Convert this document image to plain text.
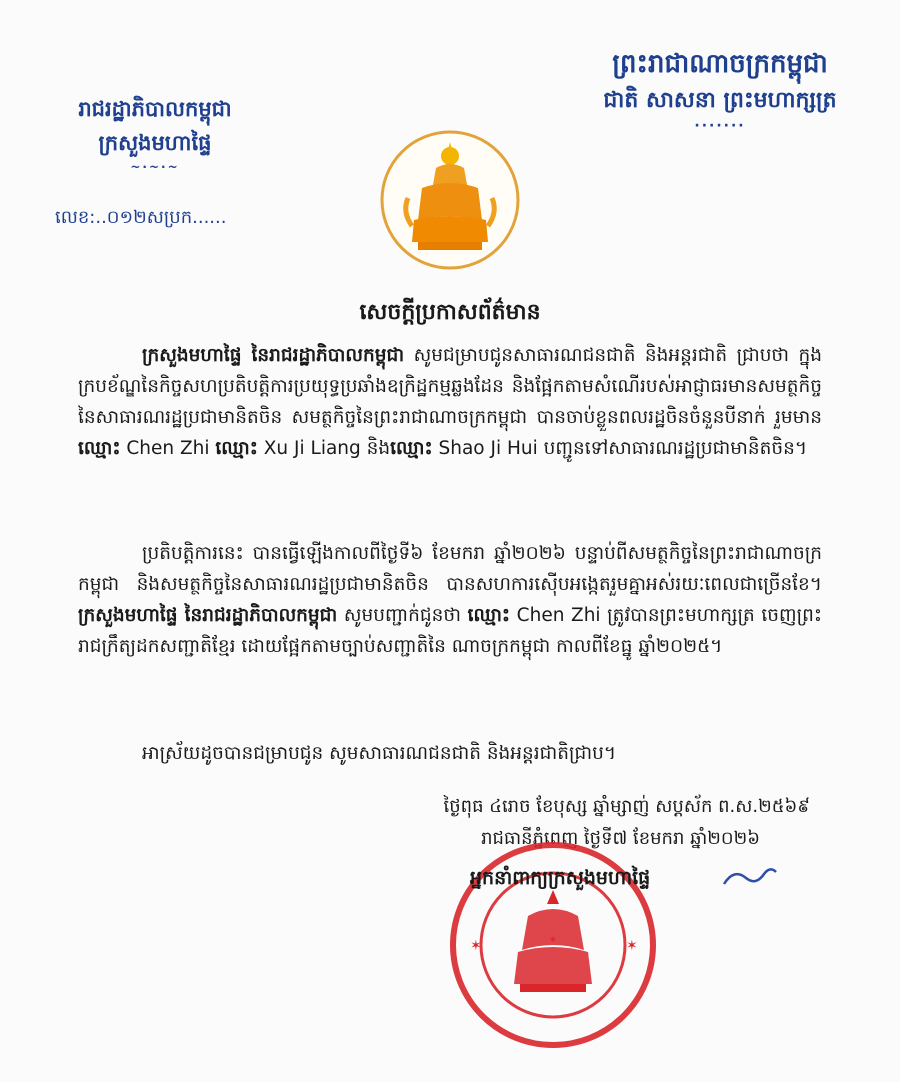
ព្រះរាជាណាចក្រកម្ពុជា
ជាតិ សាសនា ព្រះមហាក្សត្រ
·······
រាជរដ្ឋាភិបាលកម្ពុជា
ក្រសួងមហាផ្ទៃ
~·~·~
លេខ:..០១២សប្រក......
សេចក្ដីប្រកាសព័ត៌មាន
ក្រសួងមហាផ្ទៃ នៃរាជរដ្ឋាភិបាលកម្ពុជា សូមជម្រាបជូនសាធារណជនជាតិ និងអន្តរជាតិ ជ្រាបថា ក្នុងក្របខ័ណ្ឌនៃកិច្ចសហប្រតិបត្តិការប្រយុទ្ធប្រឆាំងឧក្រិដ្ឋកម្មឆ្លងដែន និងផ្អែកតាមសំណើរបស់អាជ្ញាធរមានសមត្ថកិច្ចនៃសាធារណរដ្ឋប្រជាមានិតចិន សមត្ថកិច្ចនៃព្រះរាជាណាចក្រកម្ពុជា បានចាប់ខ្លួនពលរដ្ឋចិនចំនួនបីនាក់ រួមមាន ឈ្មោះ Chen Zhi ឈ្មោះ Xu Ji Liang និងឈ្មោះ Shao Ji Hui បញ្ជូនទៅសាធារណរដ្ឋប្រជាមានិតចិន។
ប្រតិបត្តិការនេះ បានធ្វើឡើងកាលពីថ្ងៃទី៦ ខែមករា ឆ្នាំ២០២៦ បន្ទាប់ពីសមត្ថកិច្ចនៃព្រះរាជាណាចក្រកម្ពុជា និងសមត្ថកិច្ចនៃសាធារណរដ្ឋប្រជាមានិតចិន បានសហការស៊ើបអង្កេតរួមគ្នាអស់រយៈពេលជាច្រើនខែ។ ក្រសួងមហាផ្ទៃ នៃរាជរដ្ឋាភិបាលកម្ពុជា សូមបញ្ជាក់ជូនថា ឈ្មោះ Chen Zhi ត្រូវបានព្រះមហាក្សត្រ ចេញព្រះរាជក្រឹត្យដកសញ្ជាតិខ្មែរ ដោយផ្អែកតាមច្បាប់សញ្ជាតិនៃ ណាចក្រកម្ពុជា កាលពីខែធ្នូ ឆ្នាំ២០២៥។
អាស្រ័យដូចបានជម្រាបជូន សូមសាធារណជនជាតិ និងអន្តរជាតិជ្រាប។
ថ្ងៃពុធ ៤រោច ខែបុស្ស ឆ្នាំម្សាញ់ សប្តស័ក ព.ស.២៥៦៩
រាជធានីភ្នំពេញ ថ្ងៃទី៧ ខែមករា ឆ្នាំ២០២៦
✶
✶	✶
អ្នកនាំពាក្យក្រសួងមហាផ្ទៃ
